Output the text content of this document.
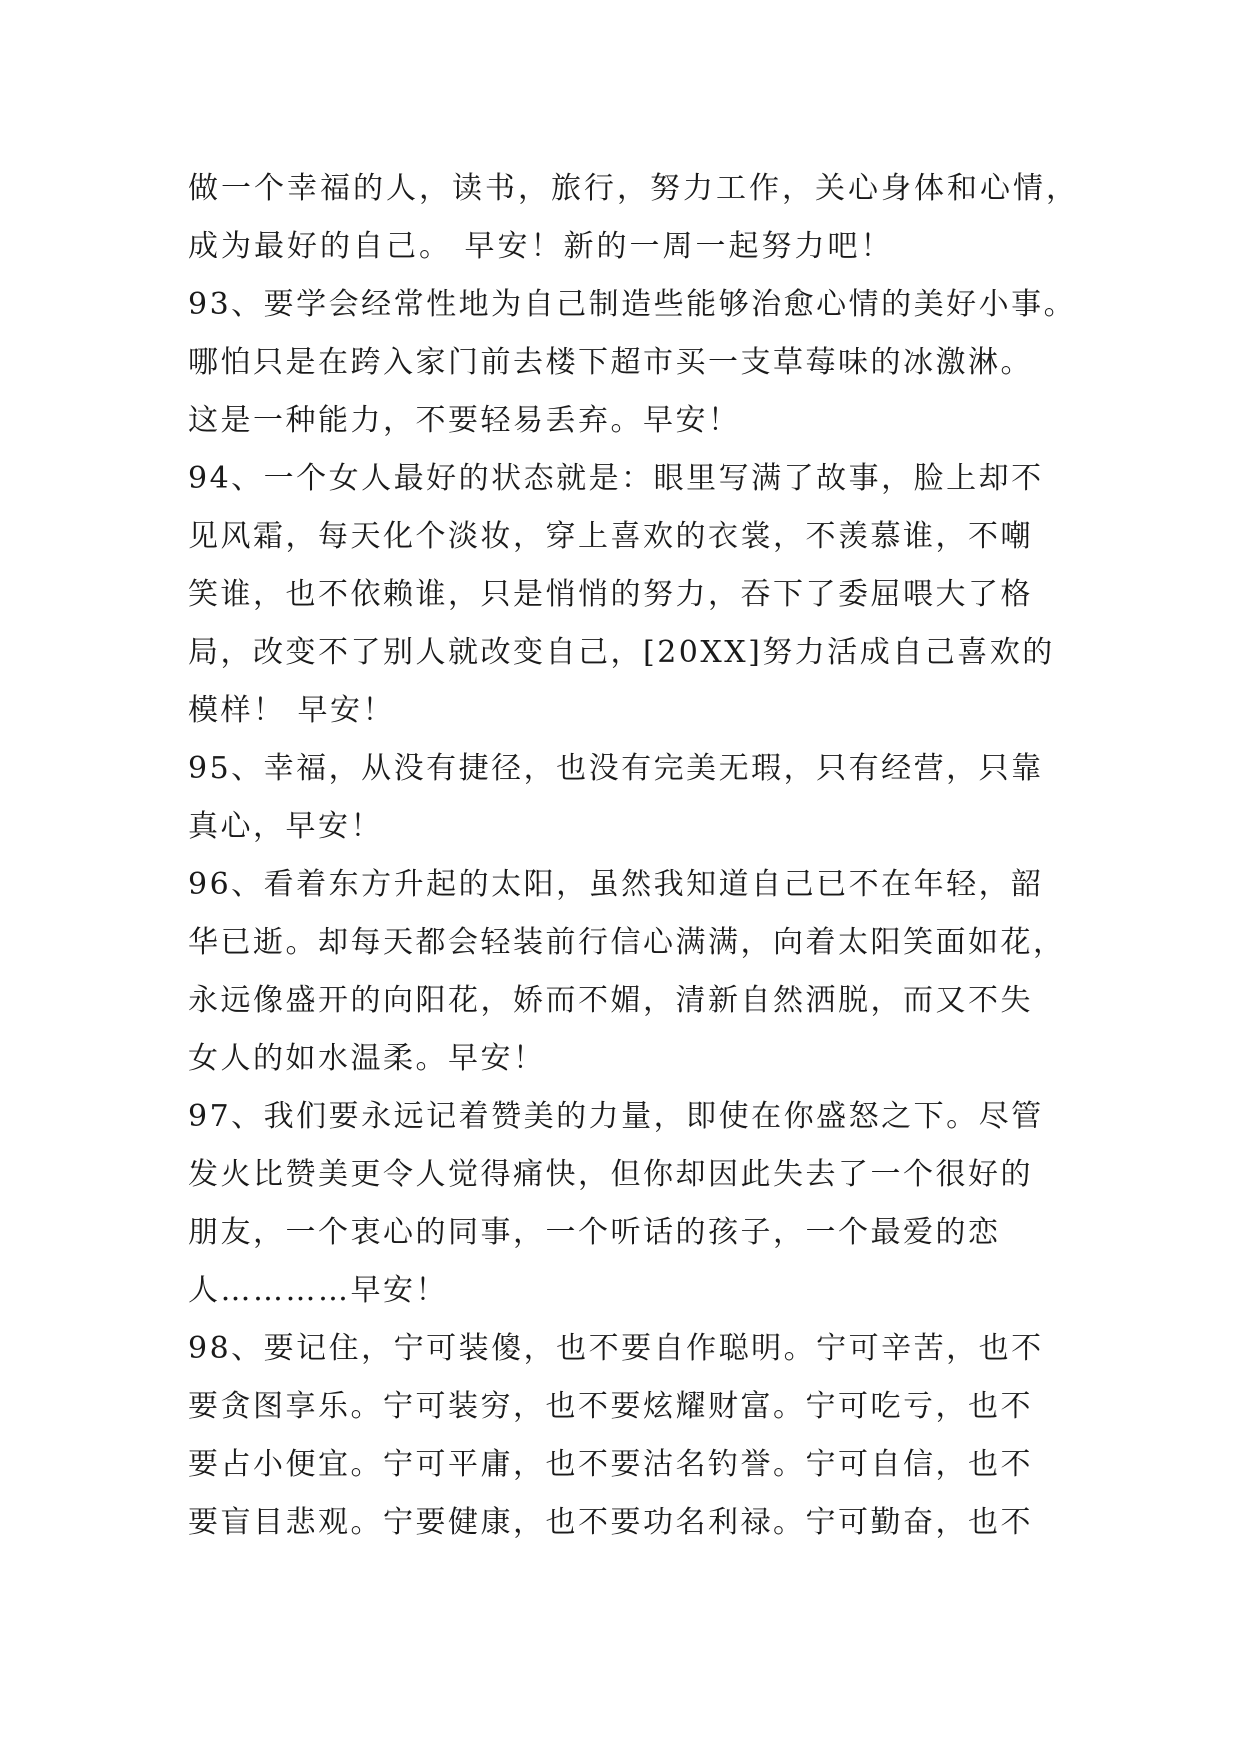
做一个幸福的人，读书，旅行，努力工作，关心身体和心情，
成为最好的自己。 早安！新的一周一起努力吧！
93、要学会经常性地为自己制造些能够治愈心情的美好小事。
哪怕只是在跨入家门前去楼下超市买一支草莓味的冰激淋。
这是一种能力，不要轻易丢弃。早安！
94、一个女人最好的状态就是：眼里写满了故事，脸上却不
见风霜，每天化个淡妆，穿上喜欢的衣裳，不羡慕谁，不嘲
笑谁，也不依赖谁，只是悄悄的努力，吞下了委屈喂大了格
局，改变不了别人就改变自己，[20XX]努力活成自己喜欢的
模样！ 早安！
95、幸福，从没有捷径，也没有完美无瑕，只有经营，只靠
真心，早安！
96、看着东方升起的太阳，虽然我知道自己已不在年轻，韶
华已逝。却每天都会轻装前行信心满满，向着太阳笑面如花，
永远像盛开的向阳花，娇而不媚，清新自然洒脱，而又不失
女人的如水温柔。早安！
97、我们要永远记着赞美的力量，即使在你盛怒之下。尽管
发火比赞美更令人觉得痛快，但你却因此失去了一个很好的
朋友，一个衷心的同事，一个听话的孩子，一个最爱的恋
人…………早安！
98、要记住，宁可装傻，也不要自作聪明。宁可辛苦，也不
要贪图享乐。宁可装穷，也不要炫耀财富。宁可吃亏，也不
要占小便宜。宁可平庸，也不要沽名钓誉。宁可自信，也不
要盲目悲观。宁要健康，也不要功名利禄。宁可勤奋，也不
